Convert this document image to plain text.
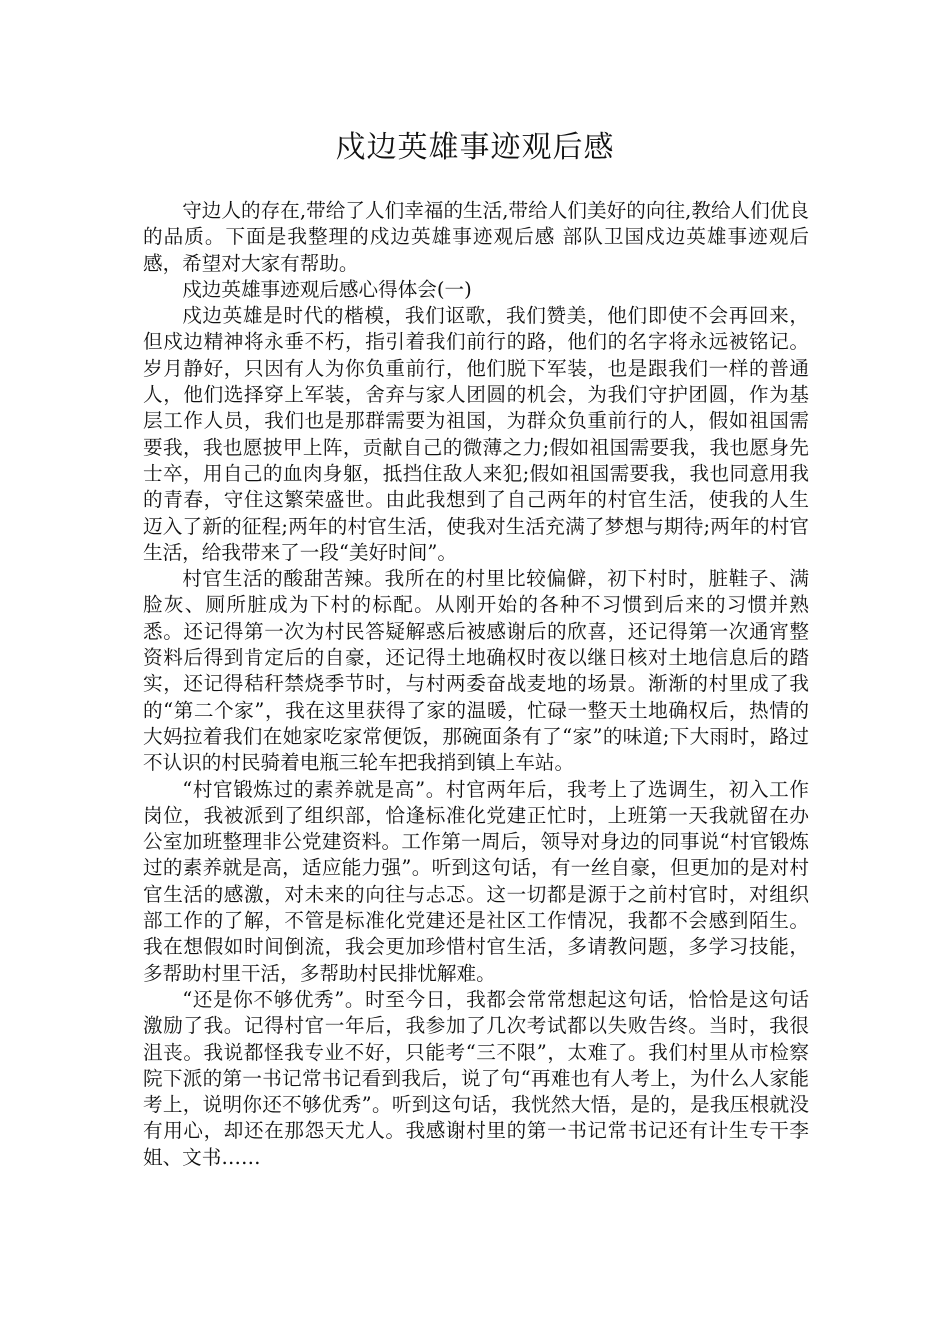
戍边英雄事迹观后感

守边人的存在,带给了人们幸福的生活,带给人们美好的向往,教给人们优良的品质。下面是我整理的戍边英雄事迹观后感 部队卫国戍边英雄事迹观后感，希望对大家有帮助。

戍边英雄事迹观后感心得体会(一)

戍边英雄是时代的楷模，我们讴歌，我们赞美，他们即使不会再回来，但戍边精神将永垂不朽，指引着我们前行的路，他们的名字将永远被铭记。岁月静好，只因有人为你负重前行，他们脱下军装，也是跟我们一样的普通人，他们选择穿上军装，舍弃与家人团圆的机会，为我们守护团圆，作为基层工作人员，我们也是那群需要为祖国，为群众负重前行的人，假如祖国需要我，我也愿披甲上阵，贡献自己的微薄之力;假如祖国需要我，我也愿身先士卒，用自己的血肉身躯，抵挡住敌人来犯;假如祖国需要我，我也同意用我的青春，守住这繁荣盛世。由此我想到了自己两年的村官生活，使我的人生迈入了新的征程;两年的村官生活，使我对生活充满了梦想与期待;两年的村官生活，给我带来了一段“美好时间”。

村官生活的酸甜苦辣。我所在的村里比较偏僻，初下村时，脏鞋子、满脸灰、厕所脏成为下村的标配。从刚开始的各种不习惯到后来的习惯并熟悉。还记得第一次为村民答疑解惑后被感谢后的欣喜，还记得第一次通宵整资料后得到肯定后的自豪，还记得土地确权时夜以继日核对土地信息后的踏实，还记得秸秆禁烧季节时，与村两委奋战麦地的场景。渐渐的村里成了我的“第二个家”，我在这里获得了家的温暖，忙碌一整天土地确权后，热情的大妈拉着我们在她家吃家常便饭，那碗面条有了“家”的味道;下大雨时，路过不认识的村民骑着电瓶三轮车把我捎到镇上车站。

“村官锻炼过的素养就是高”。村官两年后，我考上了选调生，初入工作岗位，我被派到了组织部，恰逢标准化党建正忙时，上班第一天我就留在办公室加班整理非公党建资料。工作第一周后，领导对身边的同事说“村官锻炼过的素养就是高，适应能力强”。听到这句话，有一丝自豪，但更加的是对村官生活的感激，对未来的向往与忐忑。这一切都是源于之前村官时，对组织部工作的了解，不管是标准化党建还是社区工作情况，我都不会感到陌生。我在想假如时间倒流，我会更加珍惜村官生活，多请教问题，多学习技能，多帮助村里干活，多帮助村民排忧解难。

“还是你不够优秀”。时至今日，我都会常常想起这句话，恰恰是这句话激励了我。记得村官一年后，我参加了几次考试都以失败告终。当时，我很沮丧。我说都怪我专业不好，只能考“三不限”，太难了。我们村里从市检察院下派的第一书记常书记看到我后，说了句“再难也有人考上，为什么人家能考上，说明你还不够优秀”。听到这句话，我恍然大悟，是的，是我压根就没有用心，却还在那怨天尤人。我感谢村里的第一书记常书记还有计生专干李姐、文书……
